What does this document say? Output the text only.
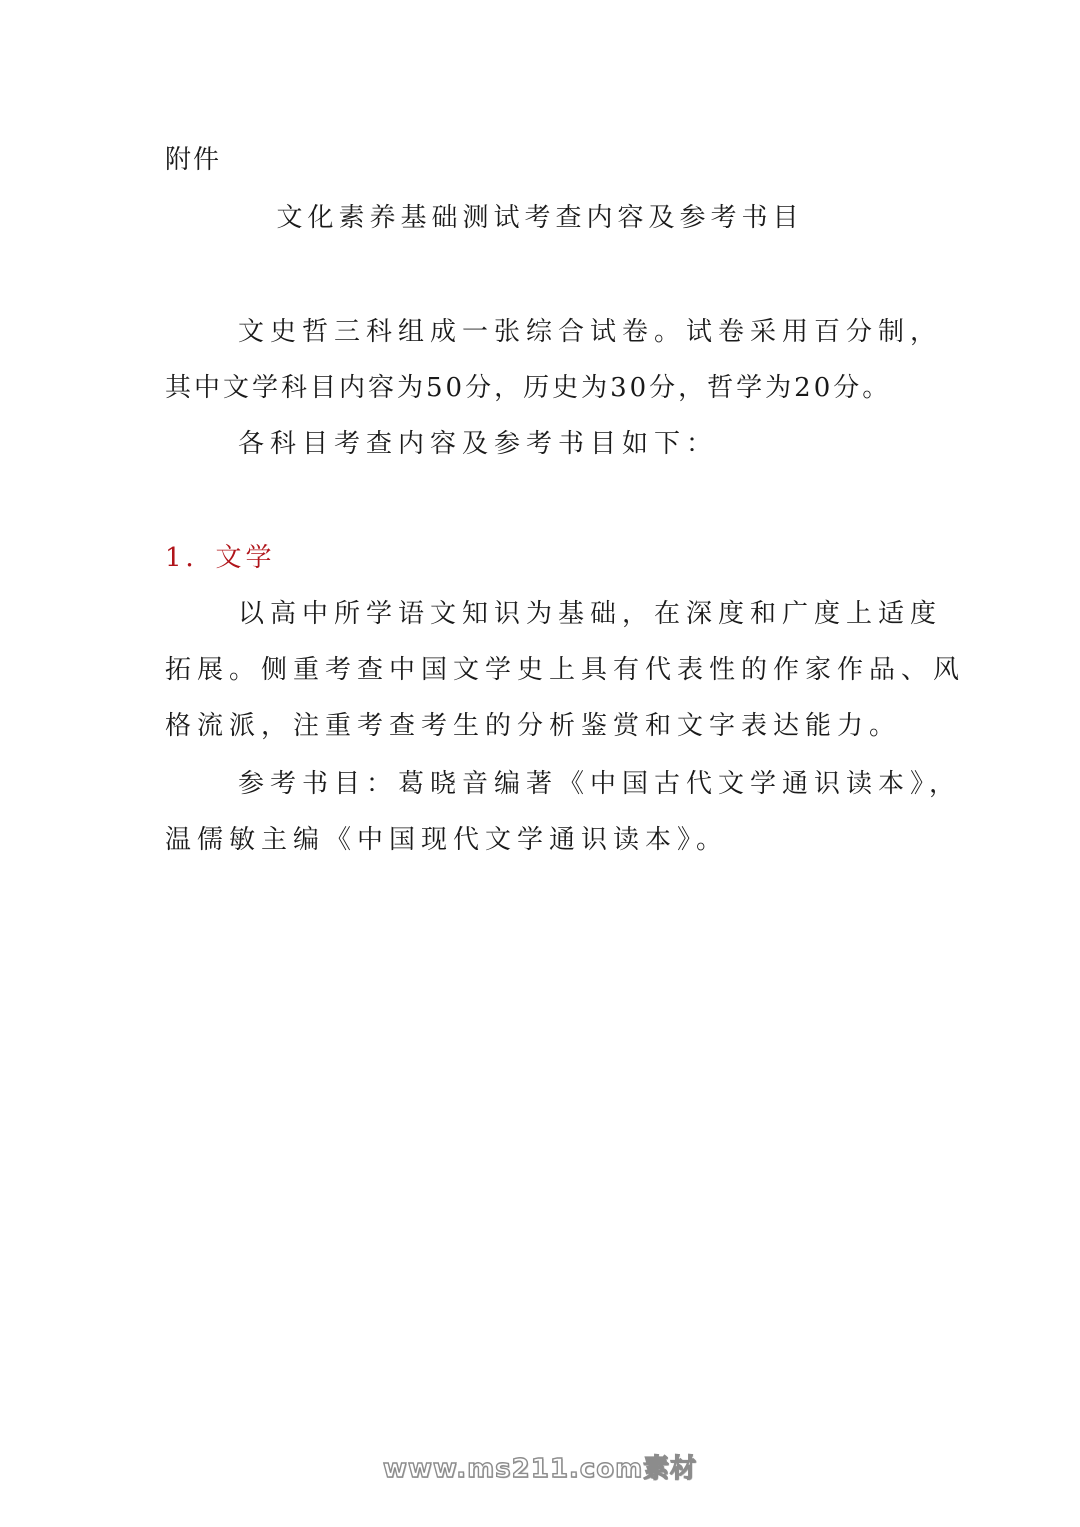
附件
文化素养基础测试考查内容及参考书目
文史哲三科组成一张综合试卷。试卷采用百分制，
其中文学科目内容为50分，历史为30分，哲学为20分。
各科目考查内容及参考书目如下：
1．文学
以高中所学语文知识为基础，在深度和广度上适度
拓展。侧重考查中国文学史上具有代表性的作家作品、风
格流派，注重考查考生的分析鉴赏和文字表达能力。
参考书目：葛晓音编著《中国古代文学通识读本》，
温儒敏主编《中国现代文学通识读本》。
www.ms211.com素材
